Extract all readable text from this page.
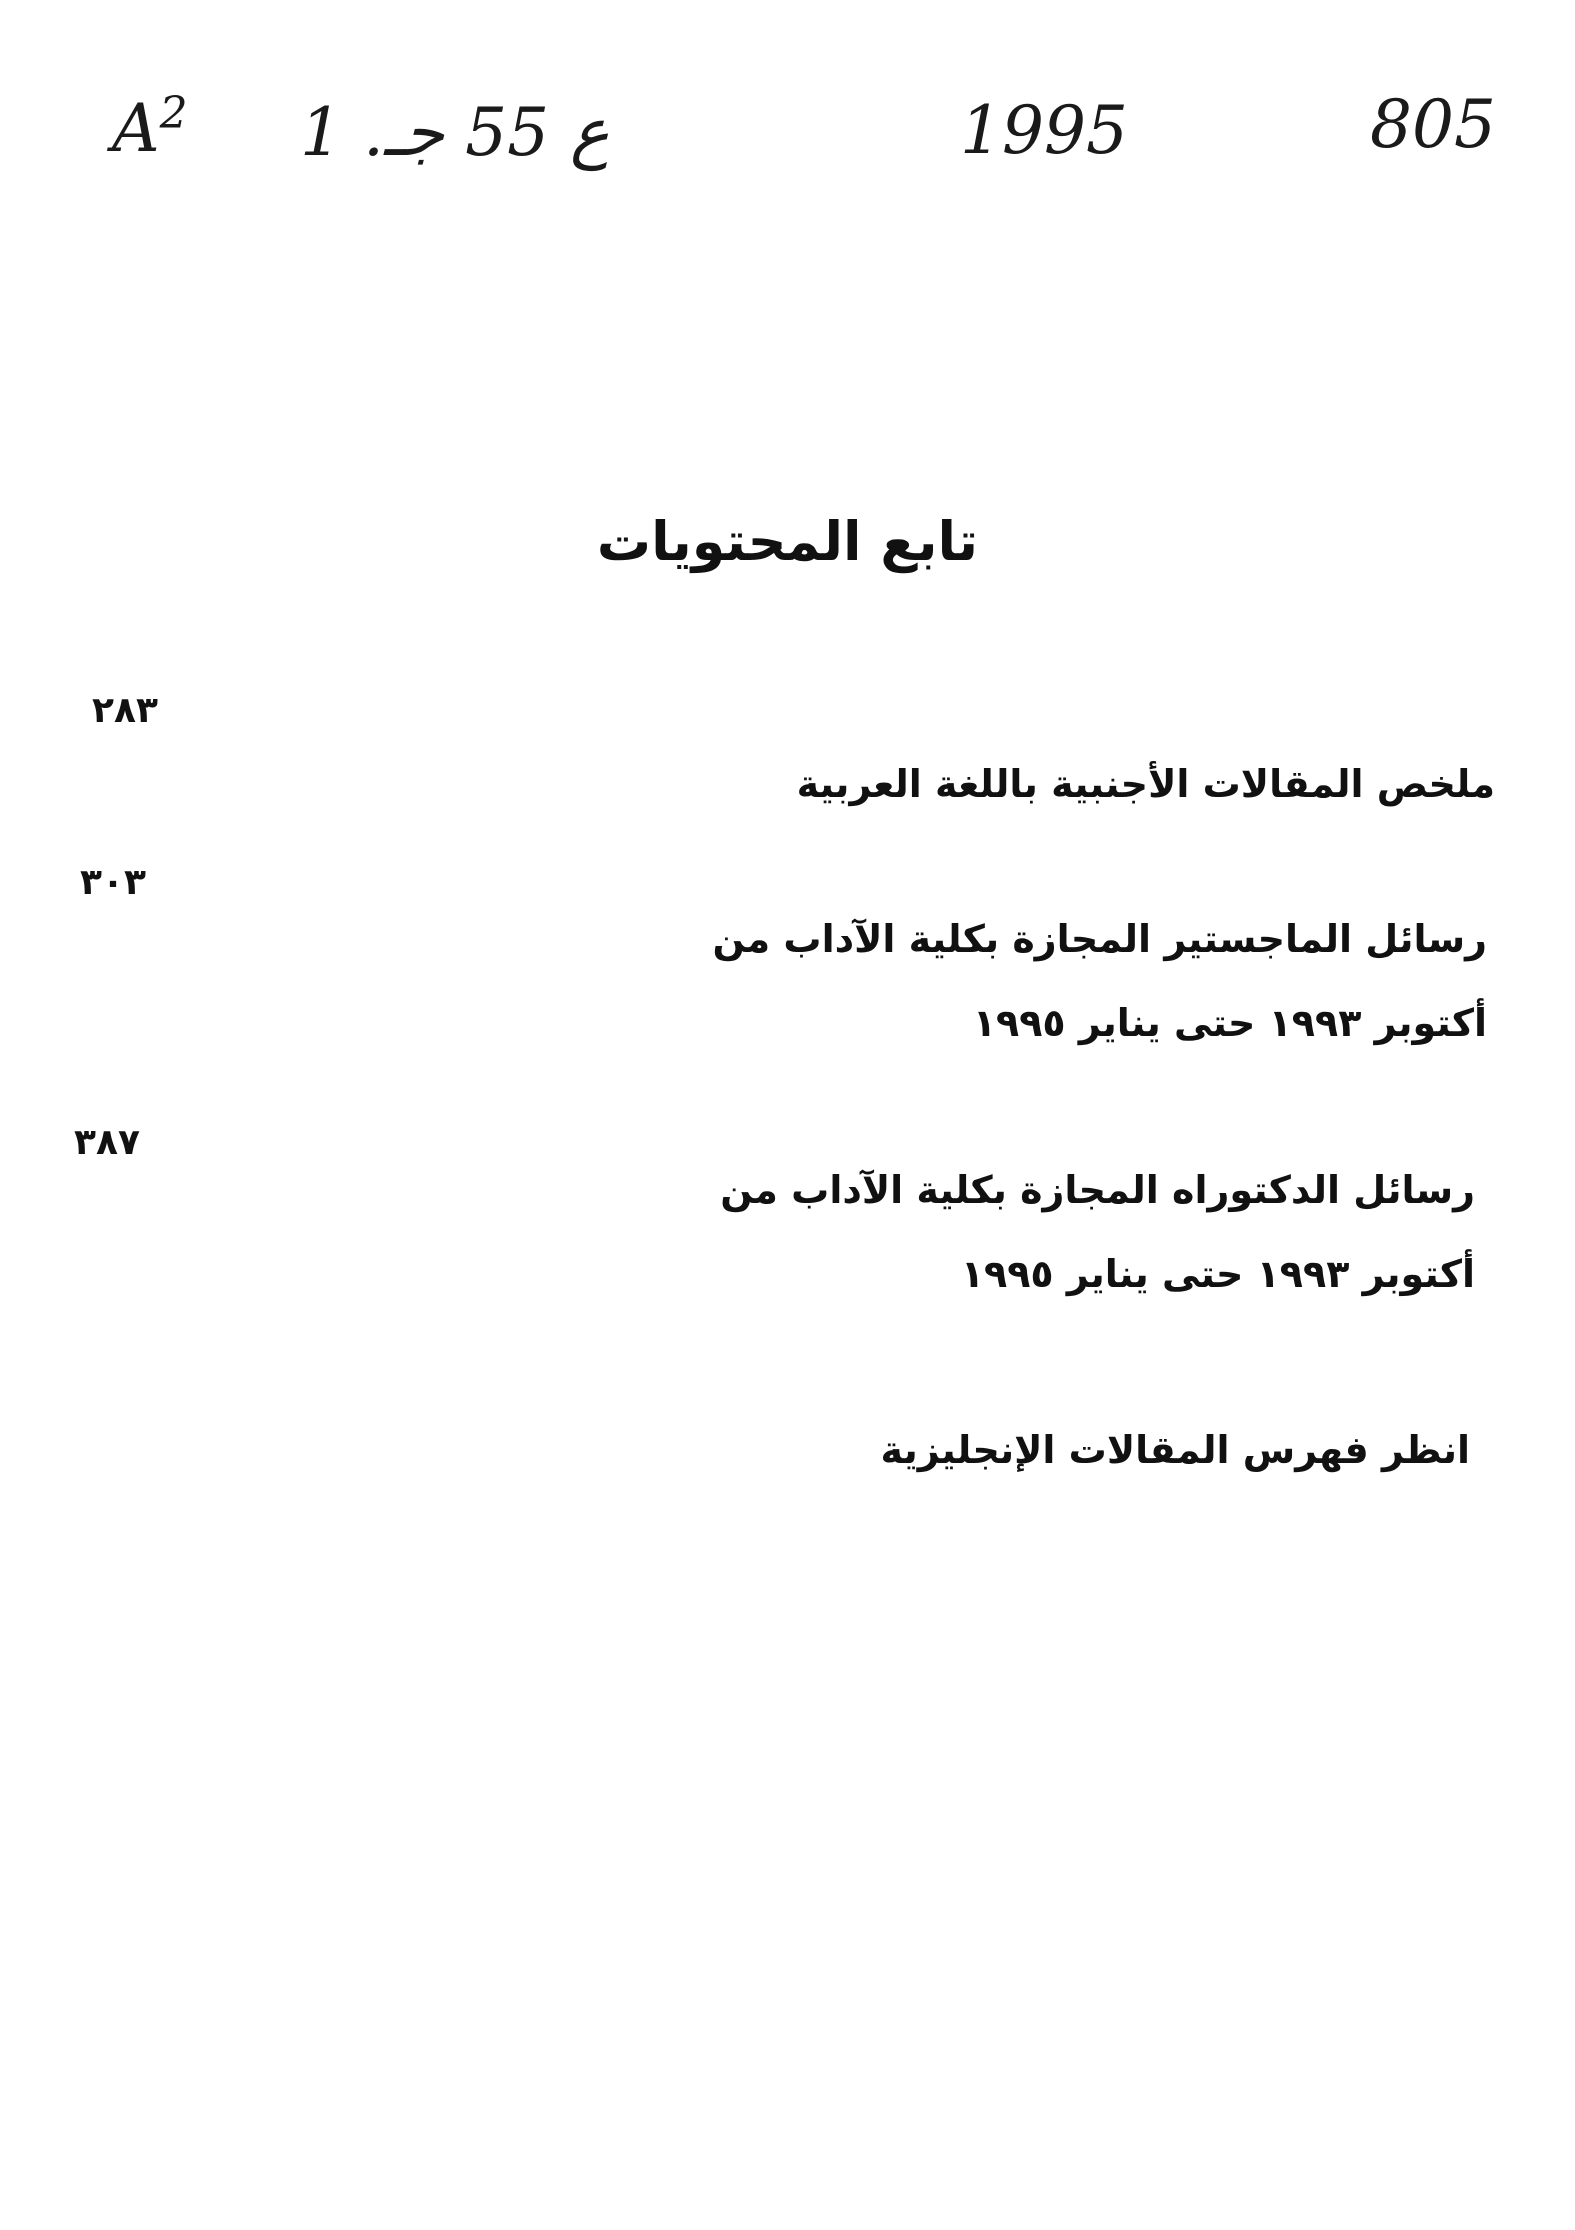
$A^2$ 1 .ع 55 جـ	1995	805
تابع المحتويات
٢٨٣
ملخص المقالات الأجنبية باللغة العربية
٣٠٣
رسائل الماجستير المجازة بكلية الآداب من
أكتوبر ١٩٩٣ حتى يناير ١٩٩٥
٣٨٧
رسائل الدكتوراه المجازة بكلية الآداب من
أكتوبر ١٩٩٣ حتى يناير ١٩٩٥
انظر فهرس المقالات الإنجليزية
